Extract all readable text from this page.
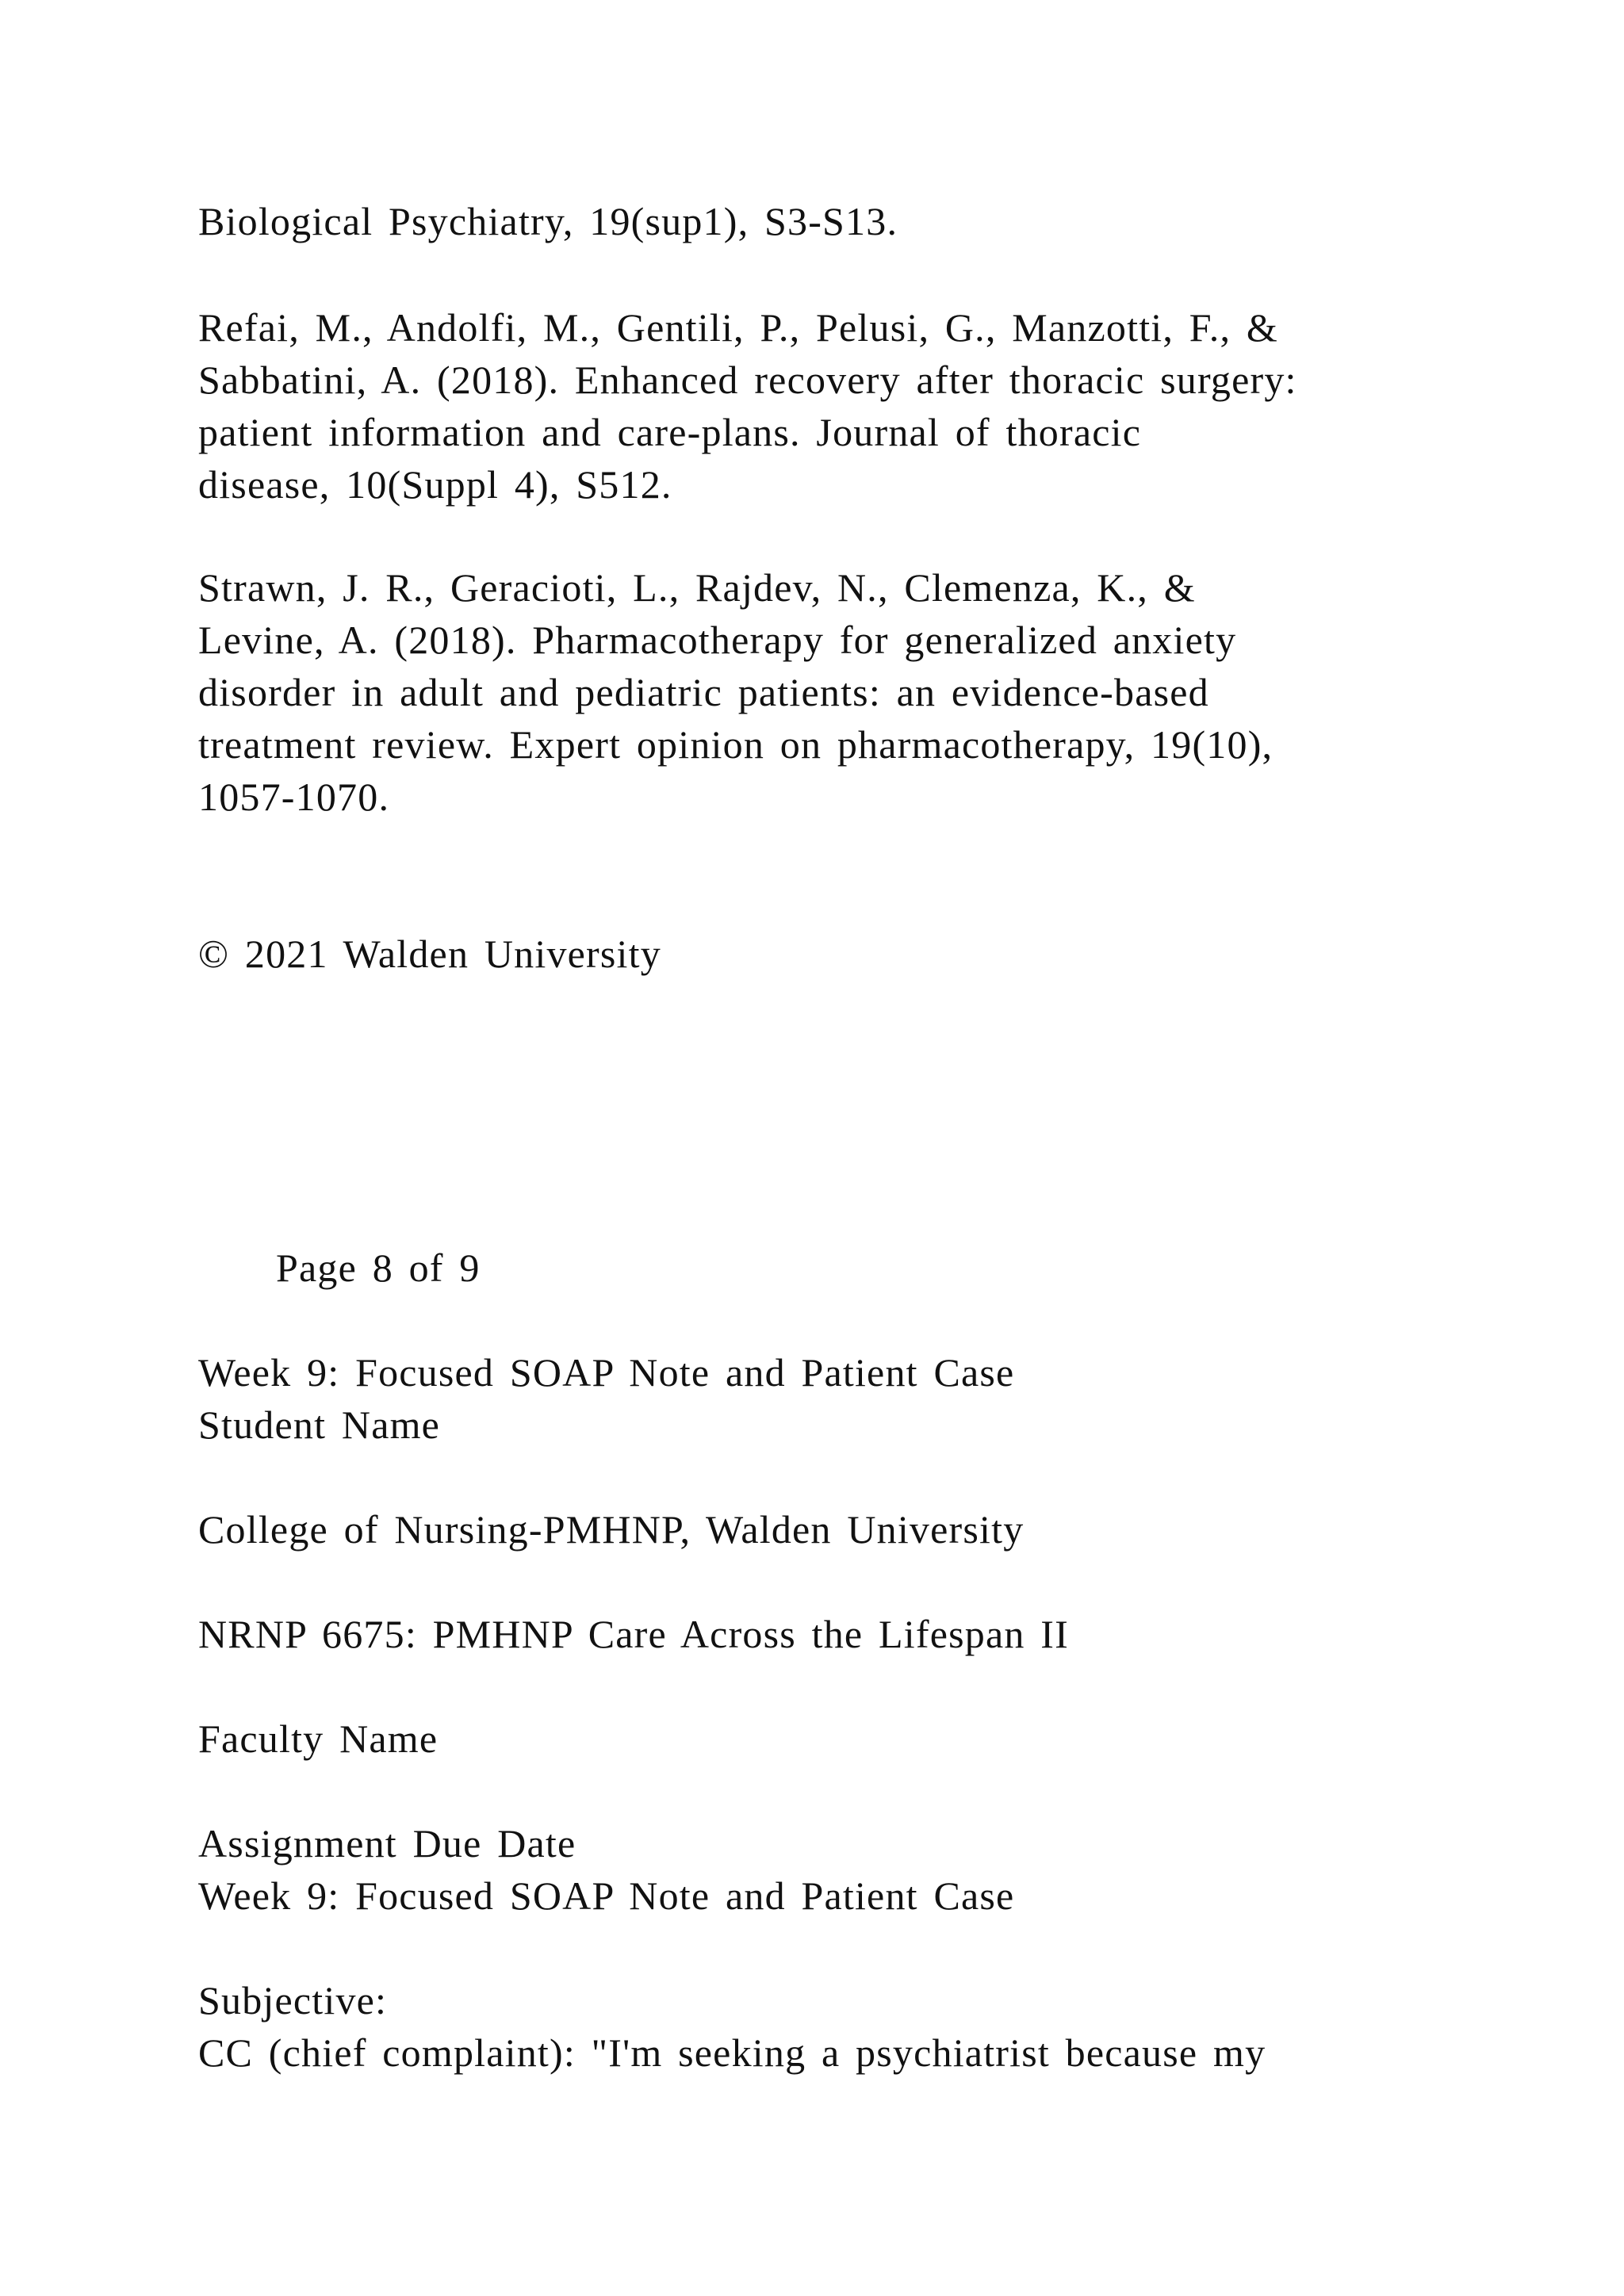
Biological Psychiatry, 19(sup1), S3-S13.
Refai, M., Andolfi, M., Gentili, P., Pelusi, G., Manzotti, F., &
Sabbatini, A. (2018). Enhanced recovery after thoracic surgery:
patient information and care-plans. Journal of thoracic
disease, 10(Suppl 4), S512.
Strawn, J. R., Geracioti, L., Rajdev, N., Clemenza, K., &
Levine, A. (2018). Pharmacotherapy for generalized anxiety
disorder in adult and pediatric patients: an evidence-based
treatment review. Expert opinion on pharmacotherapy, 19(10),
1057-1070.
© 2021 Walden University
Page 8 of 9
Week 9: Focused SOAP Note and Patient Case
Student Name
College of Nursing-PMHNP, Walden University
NRNP 6675: PMHNP Care Across the Lifespan II
Faculty Name
Assignment Due Date
Week 9: Focused SOAP Note and Patient Case
Subjective:
CC (chief complaint): "I'm seeking a psychiatrist because my
